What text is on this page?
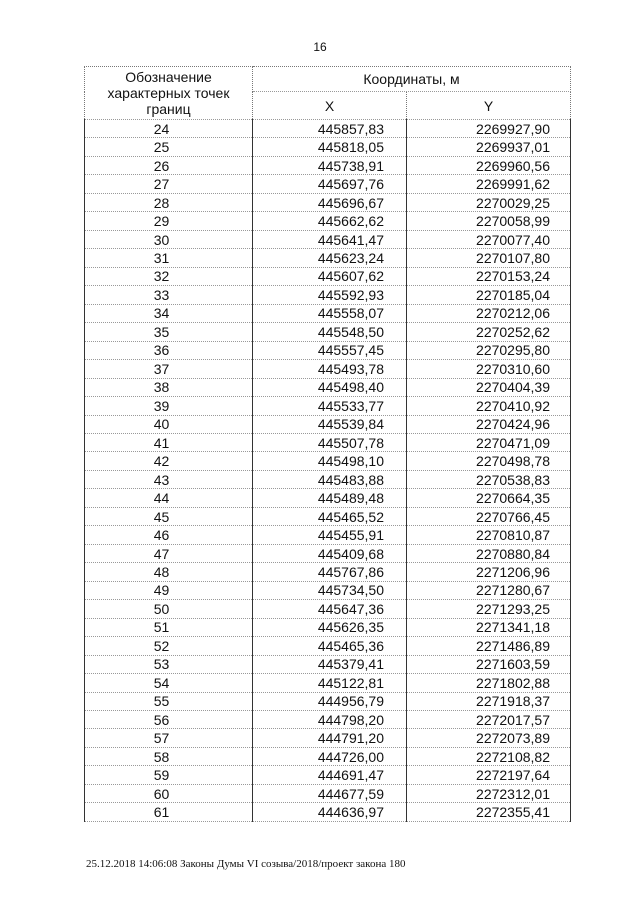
16
Обозначение характерных точек границ	Координаты, м	
	X	Y
24	445857,83	2269927,90
25	445818,05	2269937,01
26	445738,91	2269960,56
27	445697,76	2269991,62
28	445696,67	2270029,25
29	445662,62	2270058,99
30	445641,47	2270077,40
31	445623,24	2270107,80
32	445607,62	2270153,24
33	445592,93	2270185,04
34	445558,07	2270212,06
35	445548,50	2270252,62
36	445557,45	2270295,80
37	445493,78	2270310,60
38	445498,40	2270404,39
39	445533,77	2270410,92
40	445539,84	2270424,96
41	445507,78	2270471,09
42	445498,10	2270498,78
43	445483,88	2270538,83
44	445489,48	2270664,35
45	445465,52	2270766,45
46	445455,91	2270810,87
47	445409,68	2270880,84
48	445767,86	2271206,96
49	445734,50	2271280,67
50	445647,36	2271293,25
51	445626,35	2271341,18
52	445465,36	2271486,89
53	445379,41	2271603,59
54	445122,81	2271802,88
55	444956,79	2271918,37
56	444798,20	2272017,57
57	444791,20	2272073,89
58	444726,00	2272108,82
59	444691,47	2272197,64
60	444677,59	2272312,01
61	444636,97	2272355,41
25.12.2018 14:06:08 Законы Думы VI созыва/2018/проект закона 180
